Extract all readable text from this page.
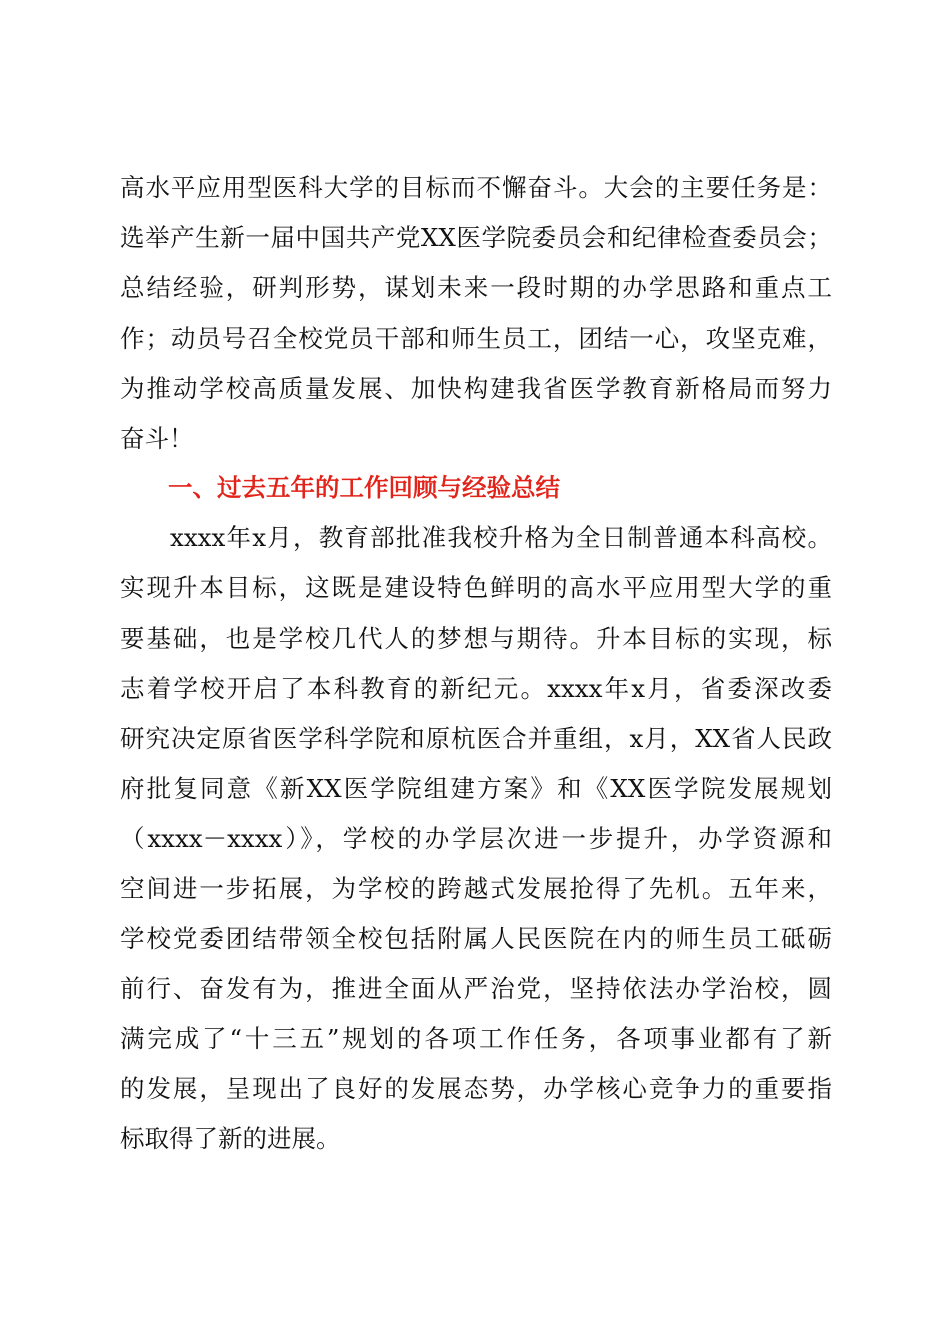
高水平应用型医科大学的目标而不懈奋斗。大会的主要任务是：
选举产生新一届中国共产党XX医学院委员会和纪律检查委员会；
总结经验，研判形势，谋划未来一段时期的办学思路和重点工
作；动员号召全校党员干部和师生员工，团结一心，攻坚克难，
为推动学校高质量发展、加快构建我省医学教育新格局而努力
奋斗！
一、过去五年的工作回顾与经验总结
xxxx年x月，教育部批准我校升格为全日制普通本科高校。
实现升本目标，这既是建设特色鲜明的高水平应用型大学的重
要基础，也是学校几代人的梦想与期待。升本目标的实现，标
志着学校开启了本科教育的新纪元。xxxx年x月，省委深改委
研究决定原省医学科学院和原杭医合并重组，x月，XX省人民政
府批复同意《新XX医学院组建方案》和《XX医学院发展规划
（xxxx－xxxx）》，学校的办学层次进一步提升，办学资源和
空间进一步拓展，为学校的跨越式发展抢得了先机。五年来，
学校党委团结带领全校包括附属人民医院在内的师生员工砥砺
前行、奋发有为，推进全面从严治党，坚持依法办学治校，圆
满完成了“十三五”规划的各项工作任务，各项事业都有了新
的发展，呈现出了良好的发展态势，办学核心竞争力的重要指
标取得了新的进展。
